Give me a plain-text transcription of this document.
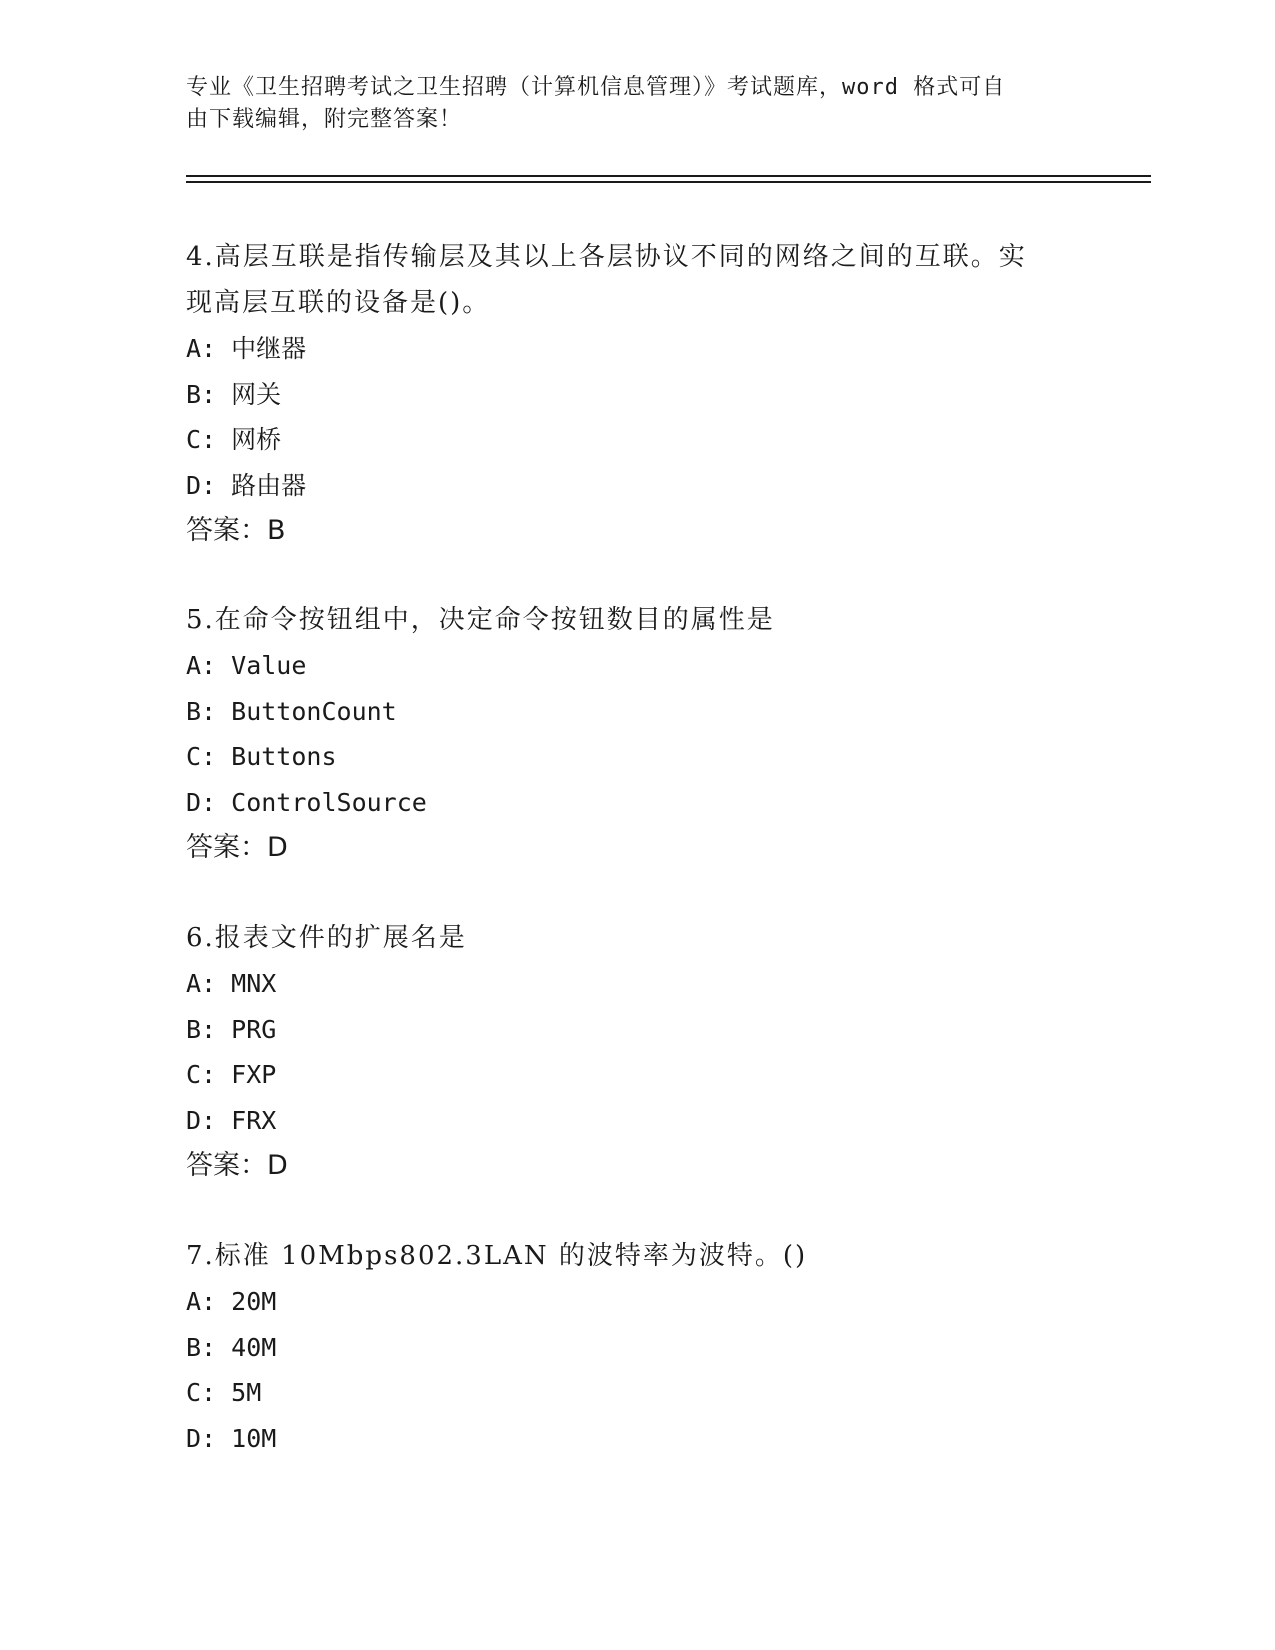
专业《卫生招聘考试之卫生招聘（计算机信息管理）》考试题库，word 格式可自
由下载编辑，附完整答案！
4.高层互联是指传输层及其以上各层协议不同的网络之间的互联。实
现高层互联的设备是()。
A: 中继器
B: 网关
C: 网桥
D: 路由器
答案：B
5.在命令按钮组中，决定命令按钮数目的属性是
A: Value
B: ButtonCount
C: Buttons
D: ControlSource
答案：D
6.报表文件的扩展名是
A: MNX
B: PRG
C: FXP
D: FRX
答案：D
7.标准 10Mbps802.3LAN 的波特率为波特。()
A: 20M
B: 40M
C: 5M
D: 10M
